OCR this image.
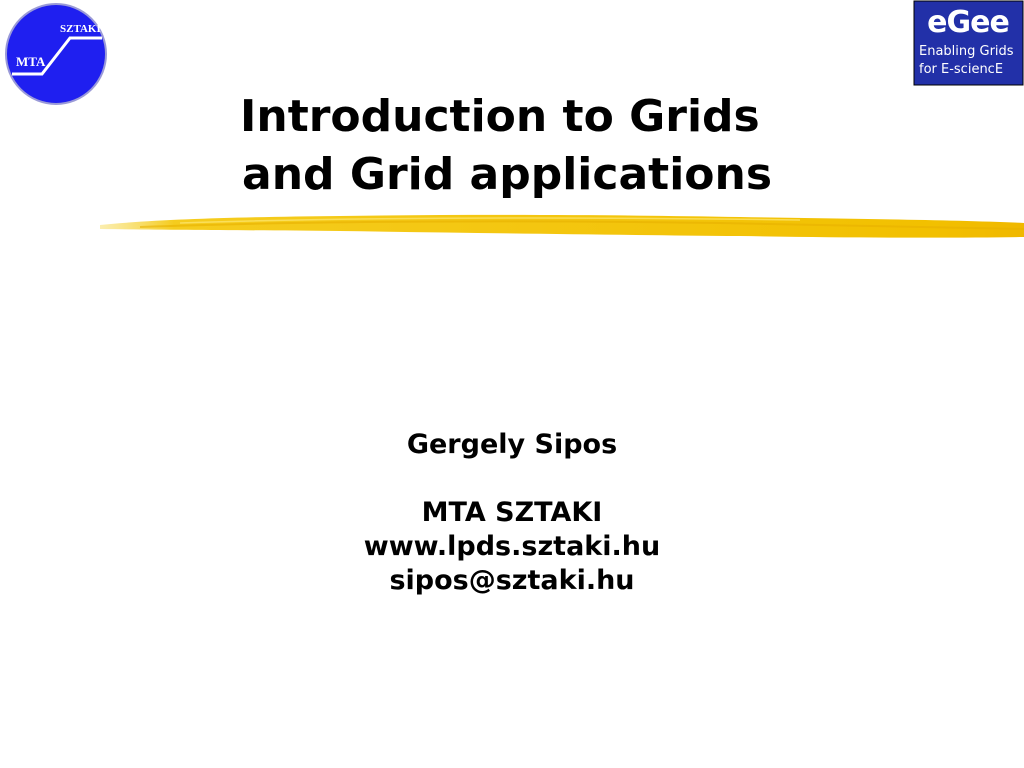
MTA
SZTAKI	eGee
Enabling Grids
for E-sciencE
Introduction to Grids
and Grid applications
Gergely Sipos
MTA SZTAKI
www.lpds.sztaki.hu
sipos@sztaki.hu
